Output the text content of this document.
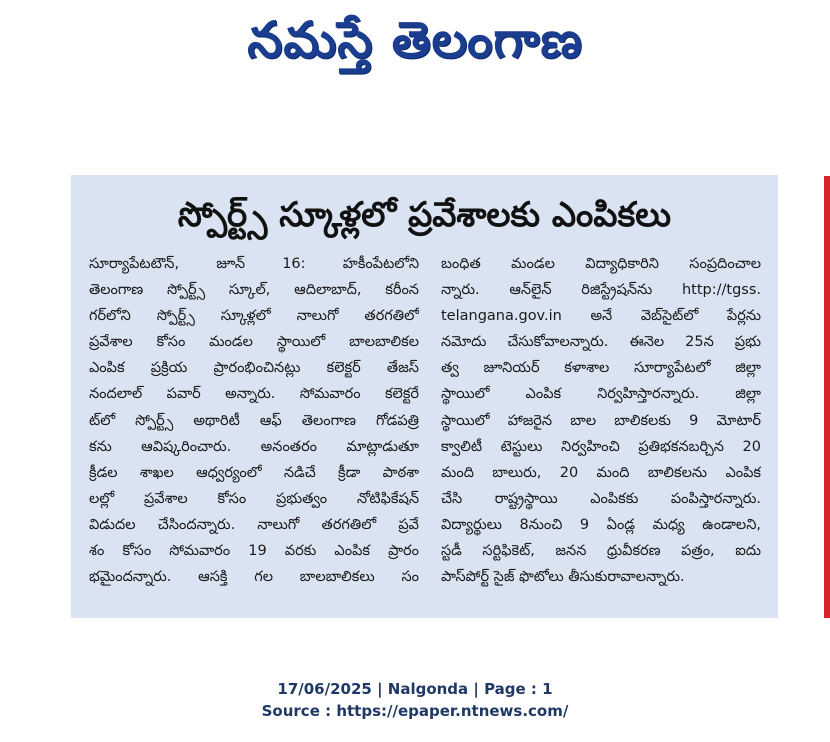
నమస్తే తెలంగాణ
స్పోర్ట్స్ స్కూళ్లలో ప్రవేశాలకు ఎంపికలు
సూర్యాపేటటౌన్, జూన్ 16: హకీంపేటలోని
తెలంగాణ స్పోర్ట్స్ స్కూల్, ఆదిలాబాద్, కరీంన
గర్‌లోని స్పోర్ట్స్ స్కూళ్లలో నాలుగో తరగతిలో
ప్రవేశాల కోసం మండల స్థాయిలో బాలబాలికల
ఎంపిక ప్రక్రియ ప్రారంభించినట్లు కలెక్టర్ తేజస్
నందలాల్ పవార్ అన్నారు. సోమవారం కలెక్టరే
ట్‌లో స్పోర్ట్స్ అథారిటీ ఆఫ్ తెలంగాణ గోడపత్రి
కను ఆవిష్కరించారు. అనంతరం మాట్లాడుతూ
క్రీడల శాఖల ఆధ్వర్యంలో నడిచే క్రీడా పాఠశా
లల్లో ప్రవేశాల కోసం ప్రభుత్వం నోటిఫికేషన్
విడుదల చేసిందన్నారు. నాలుగో తరగతిలో ప్రవే
శం కోసం సోమవారం 19 వరకు ఎంపిక ప్రారం
భమైందన్నారు. ఆసక్తి గల బాలబాలికలు సం
బంధిత మండల విద్యాధికారిని సంప్రదించాల
న్నారు. ఆన్‌లైన్ రిజిస్ట్రేషన్‌ను http://tgss.
telangana.gov.in అనే వెబ్‌సైట్‌లో పేర్లను
నమోదు చేసుకోవాలన్నారు. ఈనెల 25న ప్రభు
త్వ జూనియర్ కళాశాల సూర్యాపేటలో జిల్లా
స్థాయిలో ఎంపిక నిర్వహిస్తారన్నారు. జిల్లా
స్థాయిలో హాజరైన బాల బాలికలకు 9 మోటార్
క్వాలిటీ టెస్టులు నిర్వహించి ప్రతిభకనబర్చిన 20
మంది బాలురు, 20 మంది బాలికలను ఎంపిక
చేసి రాష్ట్రస్థాయి ఎంపికకు పంపిస్తారన్నారు.
విద్యార్థులు 8నుంచి 9 ఏండ్ల మధ్య ఉండాలని,
స్టడీ సర్టిఫికెట్, జనన ధ్రువీకరణ పత్రం, ఐదు
పాస్‌పోర్ట్ సైజ్ ఫొటోలు తీసుకురావాలన్నారు.
17/06/2025 | Nalgonda | Page : 1
Source : https://epaper.ntnews.com/
